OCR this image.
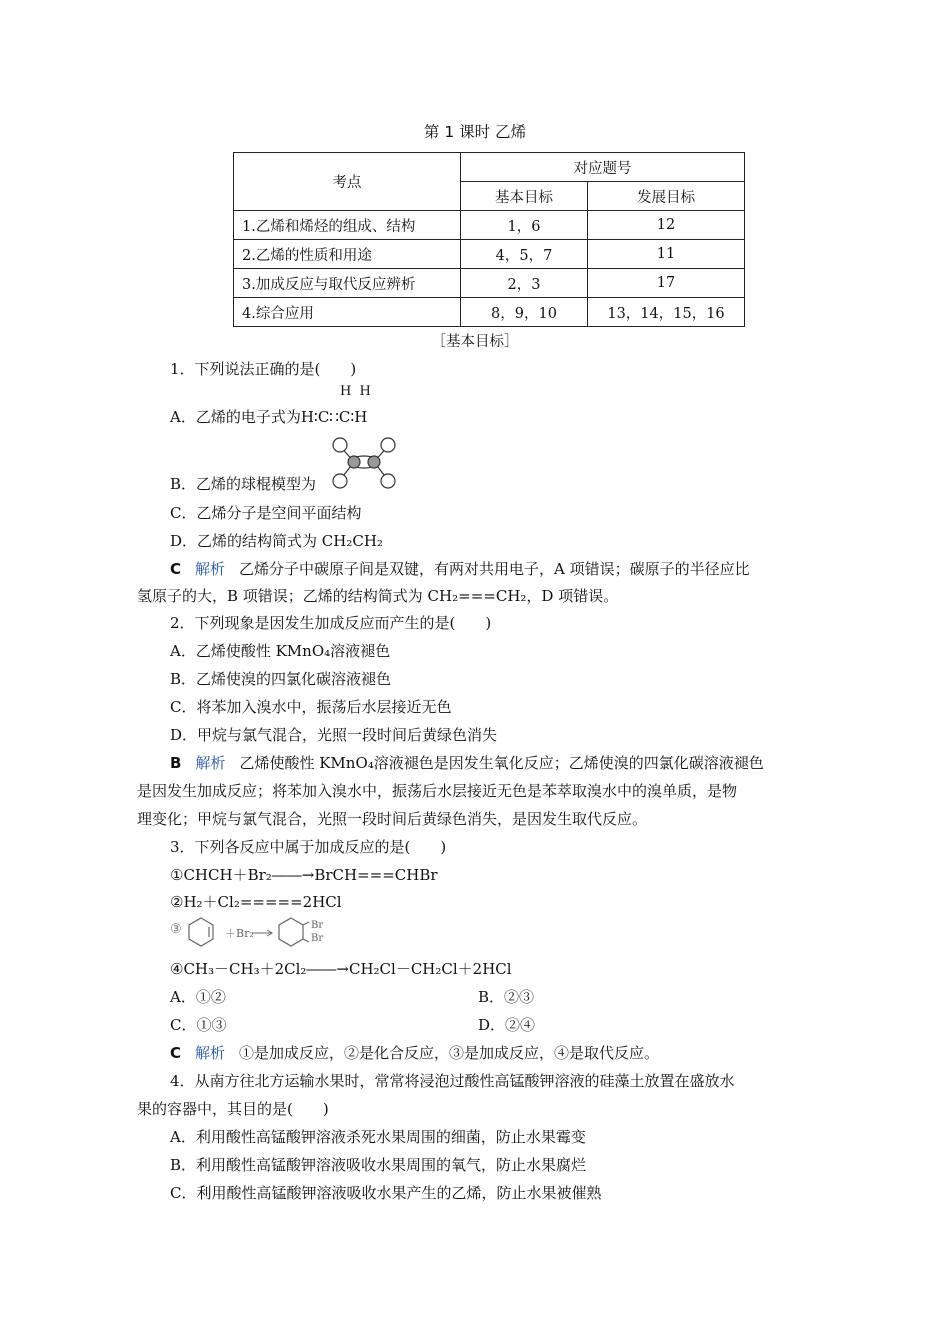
第 1 课时 乙烯
考点	对应题号	
	基本目标	发展目标
1.乙烯和烯烃的组成、结构	1，6	12
2.乙烯的性质和用途	4，5，7	11
3.加成反应与取代反应辨析	2，3	17
4.综合应用	8，9，10	13，14，15，16
［基本目标］
1．下列说法正确的是(　　)
H H
A．乙烯的电子式为H∶C∷C∶H
B．乙烯的球棍模型为
C．乙烯分子是空间平面结构
D．乙烯的结构简式为 CH₂CH₂
C 解析 乙烯分子中碳原子间是双键，有两对共用电子，A 项错误；碳原子的半径应比
氢原子的大，B 项错误；乙烯的结构简式为 CH₂===CH₂，D 项错误。
2．下列现象是因发生加成反应而产生的是(　　)
A．乙烯使酸性 KMnO₄溶液褪色
B．乙烯使溴的四氯化碳溶液褪色
C．将苯加入溴水中，振荡后水层接近无色
D．甲烷与氯气混合，光照一段时间后黄绿色消失
B 解析 乙烯使酸性 KMnO₄溶液褪色是因发生氧化反应；乙烯使溴的四氯化碳溶液褪色
是因发生加成反应；将苯加入溴水中，振荡后水层接近无色是苯萃取溴水中的溴单质，是物
理变化；甲烷与氯气混合，光照一段时间后黄绿色消失，是因发生取代反应。
3．下列各反应中属于加成反应的是(　　)
①CHCH＋Br₂――→BrCH===CHBr
②H₂＋Cl₂=====2HCl
③	＋Br₂
Br
Br
④CH₃－CH₃＋2Cl₂――→CH₂Cl－CH₂Cl＋2HCl
A．①②	B．②③
C．①③	D．②④
C 解析 ①是加成反应，②是化合反应，③是加成反应，④是取代反应。
4．从南方往北方运输水果时，常常将浸泡过酸性高锰酸钾溶液的硅藻土放置在盛放水
果的容器中，其目的是(　　)
A．利用酸性高锰酸钾溶液杀死水果周围的细菌，防止水果霉变
B．利用酸性高锰酸钾溶液吸收水果周围的氧气，防止水果腐烂
C．利用酸性高锰酸钾溶液吸收水果产生的乙烯，防止水果被催熟
